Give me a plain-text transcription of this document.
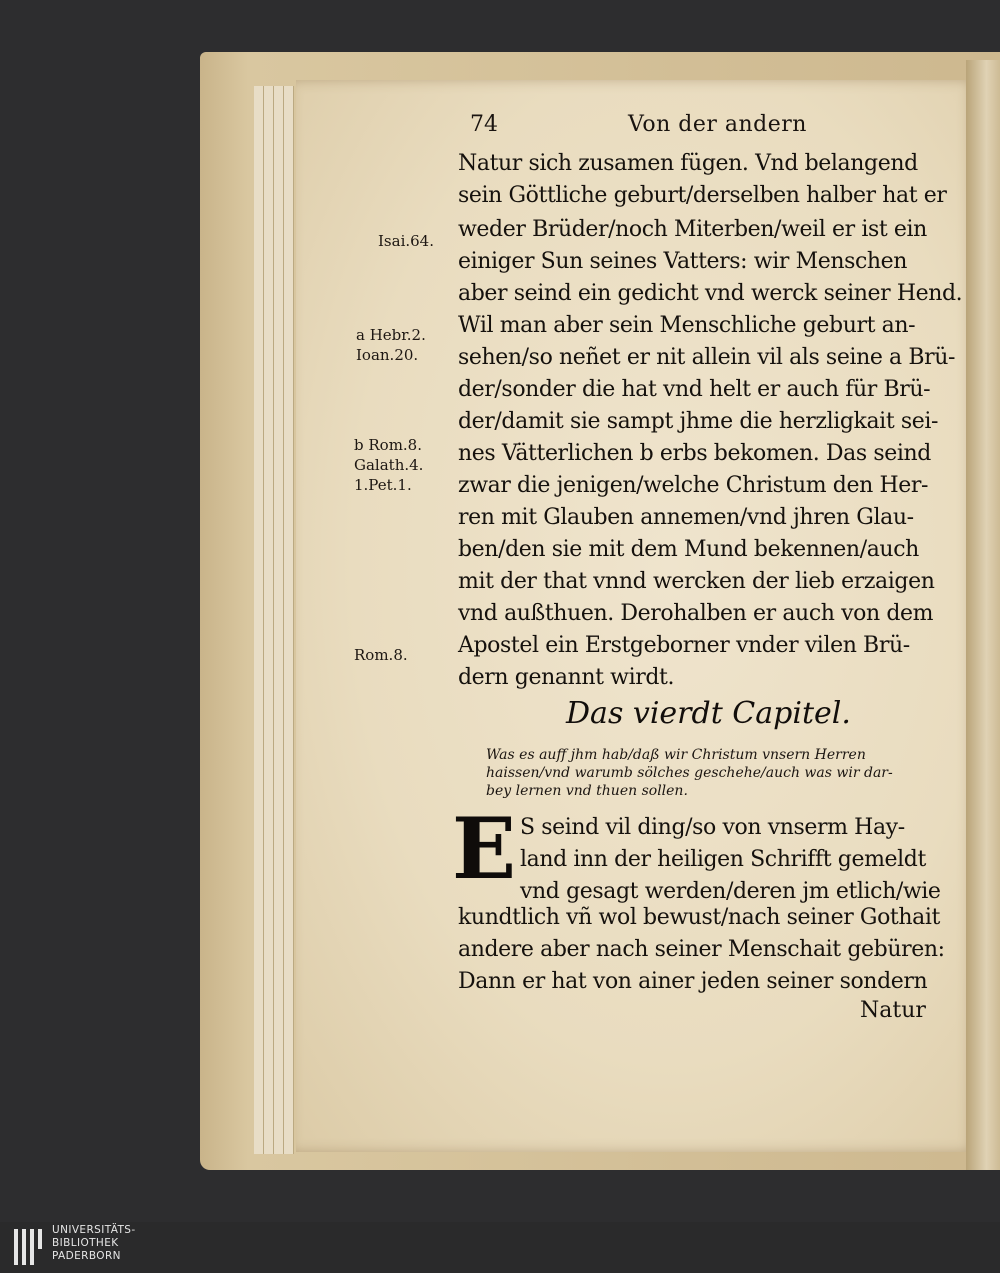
74	Von der andern
Isai.64.
a Hebr.2.
Ioan.20.
b Rom.8.
Galath.4.
1.Pet.1.
Rom.8.
Natur sich zusamen fügen. Vnd belangend
sein Göttliche geburt/derselben halber hat er
weder Brüder/noch Miterben/weil er ist ein
einiger Sun seines Vatters: wir Menschen
aber seind ein gedicht vnd werck seiner Hend.
Wil man aber sein Menschliche geburt an-
sehen/so neñet er nit allein vil als seine a Brü-
der/sonder die hat vnd helt er auch für Brü-
der/damit sie sampt jhme die herzligkait sei-
nes Vätterlichen b erbs bekomen. Das seind
zwar die jenigen/welche Christum den Her-
ren mit Glauben annemen/vnd jhren Glau-
ben/den sie mit dem Mund bekennen/auch
mit der that vnnd wercken der lieb erzaigen
vnd außthuen. Derohalben er auch von dem
Apostel ein Erstgeborner vnder vilen Brü-
dern genannt wirdt.
Das vierdt Capitel.
Was es auff jhm hab/daß wir Christum vnsern Herren
haissen/vnd warumb sölches geschehe/auch was wir dar-
bey lernen vnd thuen sollen.
E S seind vil ding/so von vnserm Hay-
land inn der heiligen Schrifft gemeldt
vnd gesagt werden/deren jm etlich/wie
kundtlich vñ wol bewust/nach seiner Gothait
andere aber nach seiner Menschait gebüren:
Dann er hat von ainer jeden seiner sondern
Natur
UNIVERSITÄTS-
BIBLIOTHEK
PADERBORN
